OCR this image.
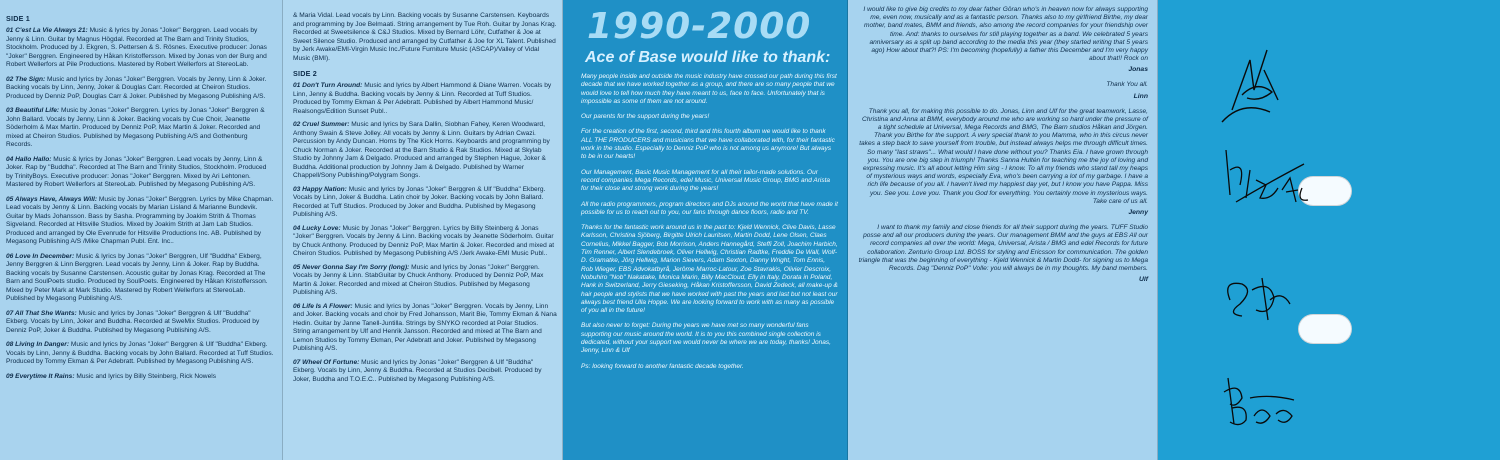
SIDE 1
01 C'est La Vie Always 21: Music & lyrics by Jonas "Joker" Berggren. Lead vocals by Jenny & Linn. Guitar by Magnus Högdal. Recorded at The Barn and Trinity Studios, Stockholm. Produced by J. Ekgren, S. Pettersen & S. Rösnes. Executive producer: Jonas "Joker" Berggren. Engineered by Håkan Kristoffersson. Mixed by Jonas von der Burg and Robert Wellerfors at Pile Productions. Mastered by Robert Wellerfors at StereoLab.
02 The Sign: Music and lyrics by Jonas "Joker" Berggren. Vocals by Jenny, Linn & Joker. Backing vocals by Linn, Jenny, Joker & Douglas Carr. Recorded at Cheiron Studios. Produced by Denniz PoP, Douglas Carr & Joker. Published by Megasong Publishing A/S.
03 Beautiful Life: Music by Jonas "Joker" Berggren. Lyrics by Jonas "Joker" Berggren & John Ballard. Vocals by Jenny, Linn & Joker. Backing vocals by Cue Choir, Jeanette Söderholm & Max Martin. Produced by Denniz PoP, Max Martin & Joker. Recorded and mixed at Cheiron Studios. Published by Megasong Publishing A/S and Gothenburg Records.
04 Hallo Hallo: Music & lyrics by Jonas "Joker" Berggren. Lead vocals by Jenny, Linn & Joker. Rap by "Buddha". Recorded at The Barn and Trinity Studios, Stockholm. Produced by TrinityBoys. Executive producer: Jonas "Joker" Berggren. Mixed by Ari Lehtonen. Mastered by Robert Wellerfors at StereoLab. Published by Megasong Publishing A/S.
05 Always Have, Always Will: Music by Jonas "Joker" Berggren. Lyrics by Mike Chapman. Lead vocals by Jenny & Linn. Backing vocals by Marian Lisland & Marianne Bundevik. Guitar by Mads Johansson. Bass by Sasha. Programming by Joakim Strith & Thomas Sigveland. Recorded at Hitsville Studios. Mixed by Joakim Strith at Jam Lab Studios. Produced and arranged by Ole Evenrude for Hitsville Productions Inc. AB. Published by Megasong Publishing A/S /Mike Chapman Publ. Ent. Inc..
06 Love In December: Music & lyrics by Jonas "Joker" Berggren, Ulf "Buddha" Ekberg, Jenny Berggren & Linn Berggren. Lead vocals by Jenny, Linn & Joker. Rap by Buddha. Backing vocals by Susanne Carstensen. Acoustic guitar by Jonas Krag. Recorded at The Barn and SoulPoets studio. Produced by SoulPoets. Engineered by Håkan Kristoffersson. Mixed by Peter Mark at Mark Studio. Mastered by Robert Wellerfors at StereoLab. Published by Megasong Publishing A/S.
07 All That She Wants: Music and lyrics by Jonas "Joker" Berggren & Ulf "Buddha" Ekberg. Vocals by Linn, Joker and Buddha. Recorded at SweMix Studios. Produced by Denniz PoP, Joker & Buddha. Published by Megasong Publishing A/S.
08 Living In Danger: Music and lyrics by Jonas "Joker" Berggren & Ulf "Buddha" Ekberg. Vocals by Linn, Jenny & Buddha. Backing vocals by John Ballard. Recorded at Tuff Studios. Produced by Tommy Ekman & Per Adebratt. Published by Megasong Publishing A/S.
09 Everytime It Rains: Music and lyrics by Billy Steinberg, Rick Nowels
& Maria Vidal. Lead vocals by Linn. Backing vocals by Susanne Carstensen. Keyboards and programming by Joe Belmaati. String arrangement by Tue Roh. Guitar by Jonas Krag. Recorded at Sweetsilence & C&J Studios. Mixed by Bernard Löhr, Cutfather & Joe at Sweet Silence Studio. Produced and arranged by Cutfather & Joe for XL Talent. Published by Jerk Awake/EMI-Virgin Music Inc./Future Furniture Music (ASCAP)/Valley of Vidal Music (BMI).
SIDE 2
01 Don't Turn Around: Music and lyrics by Albert Hammond & Diane Warren. Vocals by Linn, Jenny & Buddha. Backing vocals by Jenny & Linn. Recorded at Tuff Studios. Produced by Tommy Ekman & Per Adebratt. Published by Albert Hammond Music/ Realsongs/Edition Sunset Publ..
02 Cruel Summer: Music and lyrics by Sara Dallin, Siobhan Fahey, Keren Woodward, Anthony Swain & Steve Jolley. All vocals by Jenny & Linn. Guitars by Adrian Cwazi. Percussion by Andy Duncan. Horns by The Kick Horns. Keyboards and programming by Chuck Norman & Joker. Recorded at the Barn Studio & Rak Studios. Mixed at Skylab Studio by Johnny Jam & Delgado. Produced and arranged by Stephen Hague, Joker & Buddha. Additional production by Johnny Jam & Delgado. Published by Warner Chappell/Sony Publishing/Polygram Songs.
03 Happy Nation: Music and lyrics by Jonas "Joker" Berggren & Ulf "Buddha" Ekberg. Vocals by Linn, Joker & Buddha. Latin choir by Joker. Backing vocals by John Ballard. Recorded at Tuff Studios. Produced by Joker and Buddha. Published by Megasong Publishing A/S.
04 Lucky Love: Music by Jonas "Joker" Berggren. Lyrics by Billy Steinberg & Jonas "Joker" Berggren. Vocals by Jenny & Linn. Backing vocals by Jeanette Söderholm. Guitar by Chuck Anthony. Produced by Denniz PoP, Max Martin & Joker. Recorded and mixed at Cheiron Studios. Published by Megasong Publishing A/S /Jerk Awake-EMI Music Publ..
05 Never Gonna Say I'm Sorry (long): Music and lyrics by Jonas "Joker" Berggren. Vocals by Jenny & Linn. StabGuitar by Chuck Anthony. Produced by Denniz PoP, Max Martin & Joker. Recorded and mixed at Cheiron Studios. Published by Megasong Publishing A/S.
06 Life Is A Flower: Music and lyrics by Jonas "Joker" Berggren. Vocals by Jenny, Linn and Joker. Backing vocals and choir by Fred Johansson, Marit Bie, Tommy Ekman & Nana Hedin. Guitar by Janne Tanell-Juntilla. Strings by SNYKO recorded at Polar Studios. String arrangement by Ulf and Henrik Jansson. Recorded and mixed at The Barn and Lemon Studios by Tommy Ekman, Per Adebratt and Joker. Published by Megasong Publishing A/S.
07 Wheel Of Fortune: Music and lyrics by Jonas "Joker" Berggren & Ulf "Buddha" Ekberg. Vocals by Linn, Jenny & Buddha. Recorded at Studios Decibell. Produced by Joker, Buddha and T.O.E.C.. Published by Megasong Publishing A/S.
1990-2000
Ace of Base would like to thank:
Many people inside and outside the music industry have crossed our path during this first decade that we have worked together as a group, and there are so many people that we would love to tell how much they have meant to us, face to face. Unfortunately that is impossible as some of them are not around.
Our parents for the support during the years!
For the creation of the first, second, third and this fourth album we would like to thank ALL THE PRODUCERS and musicians that we have collaborated with, for their fantastic work in the studio. Especially to Denniz PoP who is not among us anymore! But always to be in our hearts!
Our Management, Basic Music Management for all their tailor-made solutions. Our record companies Mega Records, edel Music, Universal Music Group, BMG and Arista for their close and strong work during the years!
All the radio programmers, program directors and DJs around the world that have made it possible for us to reach out to you, our fans through dance floors, radio and TV.
Thanks for the fantastic work around us in the past to: Kjeld Wennick, Clive Davis, Lasse Karlsson, Christina Sjöberg, Birgitte Ulrich Lauritsen, Martin Dodd, Lene Olsen, Claes Cornelius, Mikkel Bagger, Bob Morrison, Anders Hannegård, Steffi Zoll, Joachim Harbich, Tim Renner, Albert Slendebroek, Oliver Hellwig, Christian Radtke, Freddie De Wall, Wolf-D. Gramatke, Jörg Hellwig, Marion Sievers, Adam Sexton, Danny Wright, Tom Ennis, Rob Wieger, EBS Advokatbyrå, Jeröme Marroc-Latour, Zoe Stavrakis, Olivier Descroix, Nobuhiro "Nob" Nakatake, Monica Marin, Billy MacCloud, Elly in Italy, Dorata in Poland, Hank in Switzerland, Jerry Gieseking, Håkan Kristoffersson, David Zedeck, all make-up & hair people and stylists that we have worked with past the years and last but not least our always best friend Ulla Hoppe. We are looking forward to work with as many as possible of you all in the future!
But also never to forget: During the years we have met so many wonderful fans supporting our music around the world. It is to you this combined single collection is dedicated, without your support we would never be where we are today, thanks! Jonas, Jenny, Linn & Ulf
Ps: looking forward to another fantastic decade together.
I would like to give big credits to my dear father Göran who's in heaven now for always supporting me, even now, musically and as a fantastic person. Thanks also to my girlfriend Birthe, my dear mother, band mates, BMM and friends, also among the record companies for your friendship over time. And: thanks to ourselves for still playing together as a band. We celebrated 5 years anniversary as a split up band according to the media this year (they started writing that 5 years ago) How about that?! PS: I'm becoming (hopefully) a father this December and I'm very happy about that!! Rock on
Jonas
Thank You all.
Linn
Thank you all, for making this possible to do. Jonas, Linn and Ulf for the great teamwork, Lasse, Christina and Anna at BMM, everybody around me who are working so hard under the pressure of a tight schedule at Universal, Mega Records and BMG, The Barn studios Håkan and Jörgen. Thank you Birthe for the support. A very special thank to you Mamma, who in this circus never takes a step back to save yourself from trouble, but instead always helps me through difficult times. So many "last straws"... What would I have done without you? Thanks Eia. I have grown through you. You are one big step in triumph! Thanks Sanna Hultén for teaching me the joy of loving and expressing music. It's all about letting Him sing - I know. To all my friends who stand tall my heaps of mysterious ways and words, especially Eva, who's been carrying a lot of my garbage. I have a rich life because of you all. I haven't lived my happiest day yet, but I know you have Pappa. Miss you. See you. Love you. Thank you God for everything. You certainly move in mysterious ways. Take care of us all.
Jenny
I want to thank my family and close friends for all their support during the years. TUFF Studio posse and all our producers during the years. Our management BMM and the guys at EBS All our record companies all over the world: Mega, Universal, Arista / BMG and edel Records for future collaboration. Zenturio Group Ltd. BOSS for styling and Ericsson for communication. The golden triangle that was the beginning of everything - Kjeld Wennick & Martin Dodd- for signing us to Mega Records. Dag "Denniz PoP" Volle: you will always be in my thoughts. My band members.
Ulf
